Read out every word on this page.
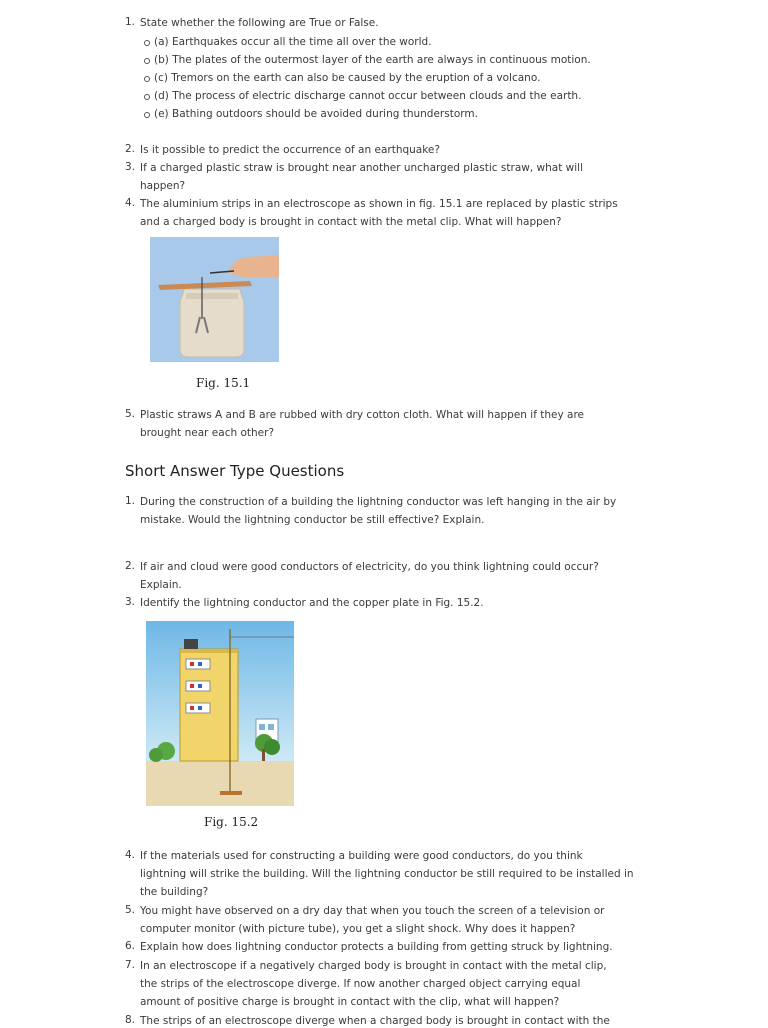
1. State whether the following are True or False.
(a) Earthquakes occur all the time all over the world.
(b) The plates of the outermost layer of the earth are always in continuous motion.
(c) Tremors on the earth can also be caused by the eruption of a volcano.
(d) The process of electric discharge cannot occur between clouds and the earth.
(e) Bathing outdoors should be avoided during thunderstorm.
2. Is it possible to predict the occurrence of an earthquake?
3. If a charged plastic straw is brought near another uncharged plastic straw, what will
happen?
4. The aluminium strips in an electroscope as shown in fig. 15.1 are replaced by plastic strips
and a charged body is brought in contact with the metal clip. What will happen?
Fig. 15.1
5. Plastic straws A and B are rubbed with dry cotton cloth. What will happen if they are
brought near each other?
Short Answer Type Questions
1. During the construction of a building the lightning conductor was left hanging in the air by
mistake. Would the lightning conductor be still effective? Explain.
2. If air and cloud were good conductors of electricity, do you think lightning could occur?
Explain.
3. Identify the lightning conductor and the copper plate in Fig. 15.2.
Fig. 15.2
4. If the materials used for constructing a building were good conductors, do you think
lightning will strike the building. Will the lightning conductor be still required to be installed in
the building?
5. You might have observed on a dry day that when you touch the screen of a television or
computer monitor (with picture tube), you get a slight shock. Why does it happen?
6. Explain how does lightning conductor protects a building from getting struck by lightning.
7. In an electroscope if a negatively charged body is brought in contact with the metal clip,
the strips of the electroscope diverge. If now another charged object carrying equal
amount of positive charge is brought in contact with the clip, what will happen?
8. The strips of an electroscope diverge when a charged body is brought in contact with the
